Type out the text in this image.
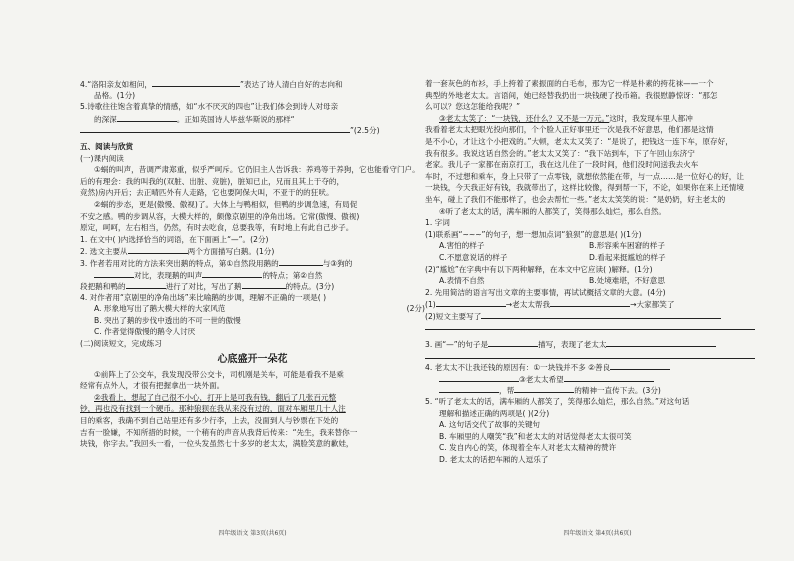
4.“洛阳亲友如相问，	”表达了诗人清白自好的志向和
品格。(1分)
5.诗歌往往饱含着真挚的情感，如“水不厌灭的四也”让我们体会到诗人对母亲
的深深	。正如英国诗人毕兹华斯说的那样“
”(2.5分)
五、阅读与欣赏
(一)课内阅读
①蜗的叫声，昔调严肃郑重，似乎严呵斥。它仍旧主人告诉我：养鸡等于养狗，它也能看守门户。
后的有理会：我的叫我的(双脏、出脏、竞脏)，脏知已止，兄而且其上于夺的，
竞然)房内开后；去正晴匹外有人走路，它也要阿保大叫，不亚于的的狂吠。
②蜗的步态，更是(傲慢、傲视)了。大体上与鸭相似，但鸭的步调急速，有局促
不安之感。鸭的步调从容，大模大样的，颇像京剧里的净角出场。它常(傲慢、傲视)
原定，呵呵，左右相当，仍然，有时去吃食，总要我等，有时地上有此自己步子。
1. 在文中( )内选择恰当的词语，在下面画上“—”。(2分)
2. 选文主要从	两个方面描写白鹅。(1分)
3. 作者若用对比的方法来突出鹅的特点，第①自然段用鹅的	与③狗的
对比，表现鹅的叫声	的特点；第②自然
段把鹅和鸭的	进行了对比，写出了鹅	的特点。(3分)
4. 对作者用“京剧里的净角出场”来比喻鹅的步调，理解不正确的一项是( )
A. 形象地写出了鹅大模大样的大家风范	(2分)
B. 突出了鹅的步伐中透出的不可一世的傲慢
C. 作者觉得傲慢的鹅令人讨厌
(二)阅读短文，完成练习
心底盛开一朵花
①前阵上了公交车，我发现没带公交卡，司机刚是关车，可能是看我不是乘
经常有点外人，才很有把握拿出一块外面。
②我看上，想起了自己很不小心，打开上是可我有钱，翻后了几张百元整
钞，再也没有找到一个硬币。那种狼狈在我从来没有过的，面对车厢里几十人注
目的乘客，我确不到自己站里还有多少行李，上去，没面到人与钞票在下处的
吉有一脸嫌，不知所措的时候，一个稍有的声音从我背后传来：“先生，我来替你一
块钱，你字去。”我回头一看，一位头发虽然七十多岁的老太太，满脸笑意的歉娃，
四年级语文 第3页(共6页)
着一套灰色的布衫，手上挎着了素振面的白毛布，那为它一样是朴素的挎花袜——一个
典型的外地老太太。言语间，她已经替我扔出一块钱硬了投币箱。我很慰静惊讶：“那怎
么可以？您这怎能给我呢？”
③老太太笑了：“一块钱，还什么？又不是一万元。”这时，我发现车里人都冲
我看着老太太把眼光投向那们，个个脸人正好事里还一次是我不好意思，他们都是这情
是不小心，才让这个小把戏的。”大顿，老太太又笑了：“是说了，把钱这一连下车，原存好，
我有很多。我说这话自然会的。”老太太又笑了：“我下站到车，下了午回山东济宁
老家。我儿子一家都在南京打工，我在这儿住了一段时间，他们没时间送我去火车
车时，不过想和乘车，身上只带了一点零钱，就想依然能在带，与一点……是一位好心的好，让
一块钱，今天我正好有钱，我就带出了，这样比较像，得到帮一下，不论，如果你在来上还情境
坐车，碰上了我们不能那样了，也会去帮忙一些。”老太太笑笑的说：“是奶奶，好主老太的
④听了老太太的话，满车厢的人都笑了，笑得那么灿烂，那么自然。
1. 字词
(1)联系画“~~~”的句子，想一想加点词“狼狈”的意思是( )(1分)
A.害怕的样子	B.形容乘车困窘的样子
C.不愿意说话的样子	D.看起来挺尴尬的样子
(2)“尴尬”在字典中有以下两种解释，在本文中它应读( )解释。(1分)
A.表情不自然	B.处境难堪，不好意思
2. 先用简洁的语言写出文章的主要事情，再试试概括文章的大意。(4分)
(1)	→老太太帮我	→大家都笑了
(2)短文主要写了
3. 画“—”的句子是	描写，表现了老太太
4. 老太太不让我还钱的原因有：①一块钱并不多 ②善良
③老太太希望
，帮	的精神一直传下去。(3分)
5. “听了老太太的话，满车厢的人都笑了，笑得那么灿烂，那么自然。”对这句话
理解和描述正确的两项是( )(2分)
A. 这句话交代了故事的关键句
B. 车厢里的人嘲笑“我”和老太太的对话觉得老太太很可笑
C. 发自内心的笑，体现着全车人对老太太精神的赞许
D. 老太太的话把车厢的人逗乐了
四年级语文 第4页(共6页)
